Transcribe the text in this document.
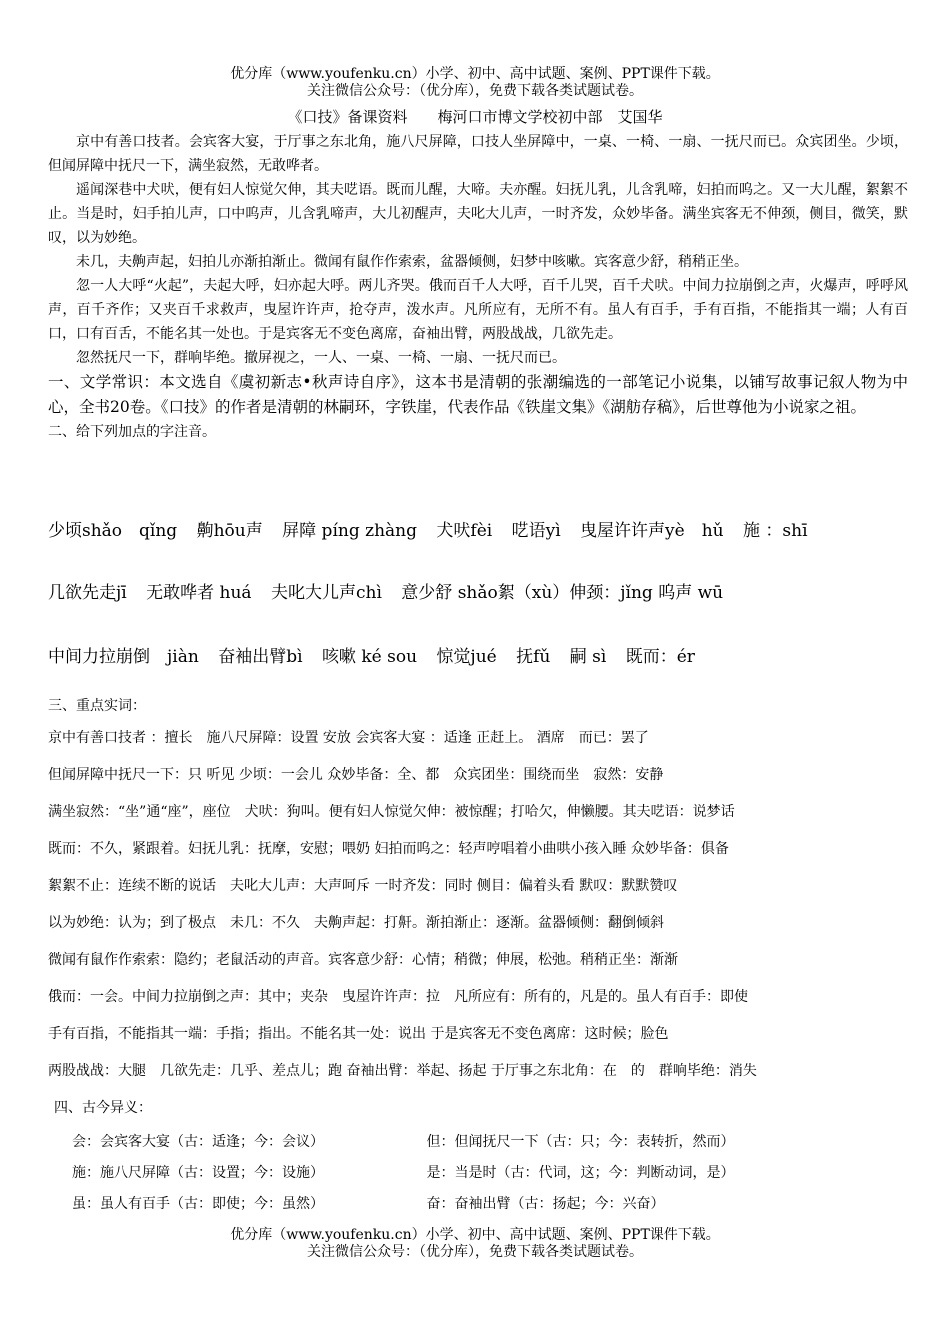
优分库（www.youfenku.cn）小学、初中、高中试题、案例、PPT课件下载。
关注微信公众号：（优分库），免费下载各类试题试卷。
《口技》备课资料　　梅河口市博文学校初中部　艾国华

京中有善口技者。会宾客大宴，于厅事之东北角，施八尺屏障，口技人坐屏障中，一桌、一椅、一扇、一抚尺而已。众宾团坐。少顷，但闻屏障中抚尺一下，满坐寂然，无敢哗者。

遥闻深巷中犬吠，便有妇人惊觉欠伸，其夫呓语。既而儿醒，大啼。夫亦醒。妇抚儿乳，儿含乳啼，妇拍而呜之。又一大儿醒，絮絮不止。当是时，妇手拍儿声，口中呜声，儿含乳啼声，大儿初醒声，夫叱大儿声，一时齐发，众妙毕备。满坐宾客无不伸颈，侧目，微笑，默叹，以为妙绝。

未几，夫齁声起，妇拍儿亦渐拍渐止。微闻有鼠作作索索，盆器倾侧，妇梦中咳嗽。宾客意少舒，稍稍正坐。

忽一人大呼“火起”，夫起大呼，妇亦起大呼。两儿齐哭。俄而百千人大呼，百千儿哭，百千犬吠。中间力拉崩倒之声，火爆声，呼呼风声，百千齐作；又夹百千求救声，曳屋许许声，抢夺声，泼水声。凡所应有，无所不有。虽人有百手，手有百指，不能指其一端；人有百口，口有百舌，不能名其一处也。于是宾客无不变色离席，奋袖出臂，两股战战，几欲先走。

忽然抚尺一下，群响毕绝。撤屏视之，一人、一桌、一椅、一扇、一抚尺而已。

一、文学常识：本文选自《虞初新志•秋声诗自序》，这本书是清朝的张潮编选的一部笔记小说集，以铺写故事记叙人物为中心，全书20卷。《口技》的作者是清朝的林嗣环，字铁崖，代表作品《铁崖文集》《湖舫存稿》，后世尊他为小说家之祖。

二、给下列加点的字注音。

少顷shǎo　qǐng 齁hōu声 屏障 píng zhàng 犬吠fèi 呓语yì 曳屋许许声yè　hǔ 施 ：shī
几欲先走jī 无敢哗者 huá 夫叱大儿声chì 意少舒 shǎo絮（xù）伸颈：jǐng 呜声 wū
中间力拉崩倒　jiàn 奋袖出臂bì 咳嗽 ké sou 惊觉jué 抚fǔ 嗣 sì 既而：ér

三、重点实词：

京中有善口技者 ：擅长　施八尺屏障：设置 安放 会宾客大宴 ：适逢 正赶上。 酒席　而已：罢了
但闻屏障中抚尺一下：只 听见 少顷：一会儿 众妙毕备：全、都　众宾团坐：围绕而坐　寂然：安静
满坐寂然：“坐”通“座”，座位　犬吠：狗叫。便有妇人惊觉欠伸：被惊醒；打哈欠，伸懒腰。其夫呓语：说梦话
既而：不久，紧跟着。妇抚儿乳：抚摩，安慰；喂奶 妇拍而呜之：轻声哼唱着小曲哄小孩入睡 众妙毕备：俱备
絮絮不止：连续不断的说话　夫叱大儿声：大声呵斥 一时齐发：同时 侧目：偏着头看 默叹：默默赞叹
以为妙绝：认为；到了极点　未几：不久　夫齁声起：打鼾。渐拍渐止：逐渐。盆器倾侧：翻倒倾斜
微闻有鼠作作索索：隐约；老鼠活动的声音。宾客意少舒：心情；稍微；伸展，松弛。稍稍正坐：渐渐
俄而：一会。中间力拉崩倒之声：其中；夹杂　曳屋许许声：拉　凡所应有：所有的，凡是的。虽人有百手：即使
手有百指，不能指其一端：手指；指出。不能名其一处：说出 于是宾客无不变色离席：这时候；脸色
两股战战：大腿　几欲先走：几乎、差点儿；跑 奋袖出臂：举起、扬起 于厅事之东北角：在　的　群响毕绝：消失
四、古今异义：
会：会宾客大宴（古：适逢；今：会议）	但：但闻抚尺一下（古：只；今：表转折，然而）
施：施八尺屏障（古：设置；今：设施）	是：当是时（古：代词，这；今：判断动词，是）
虽：虽人有百手（古：即使；今：虽然）	奋：奋袖出臂（古：扬起；今：兴奋）
优分库（www.youfenku.cn）小学、初中、高中试题、案例、PPT课件下载。
关注微信公众号：（优分库），免费下载各类试题试卷。
